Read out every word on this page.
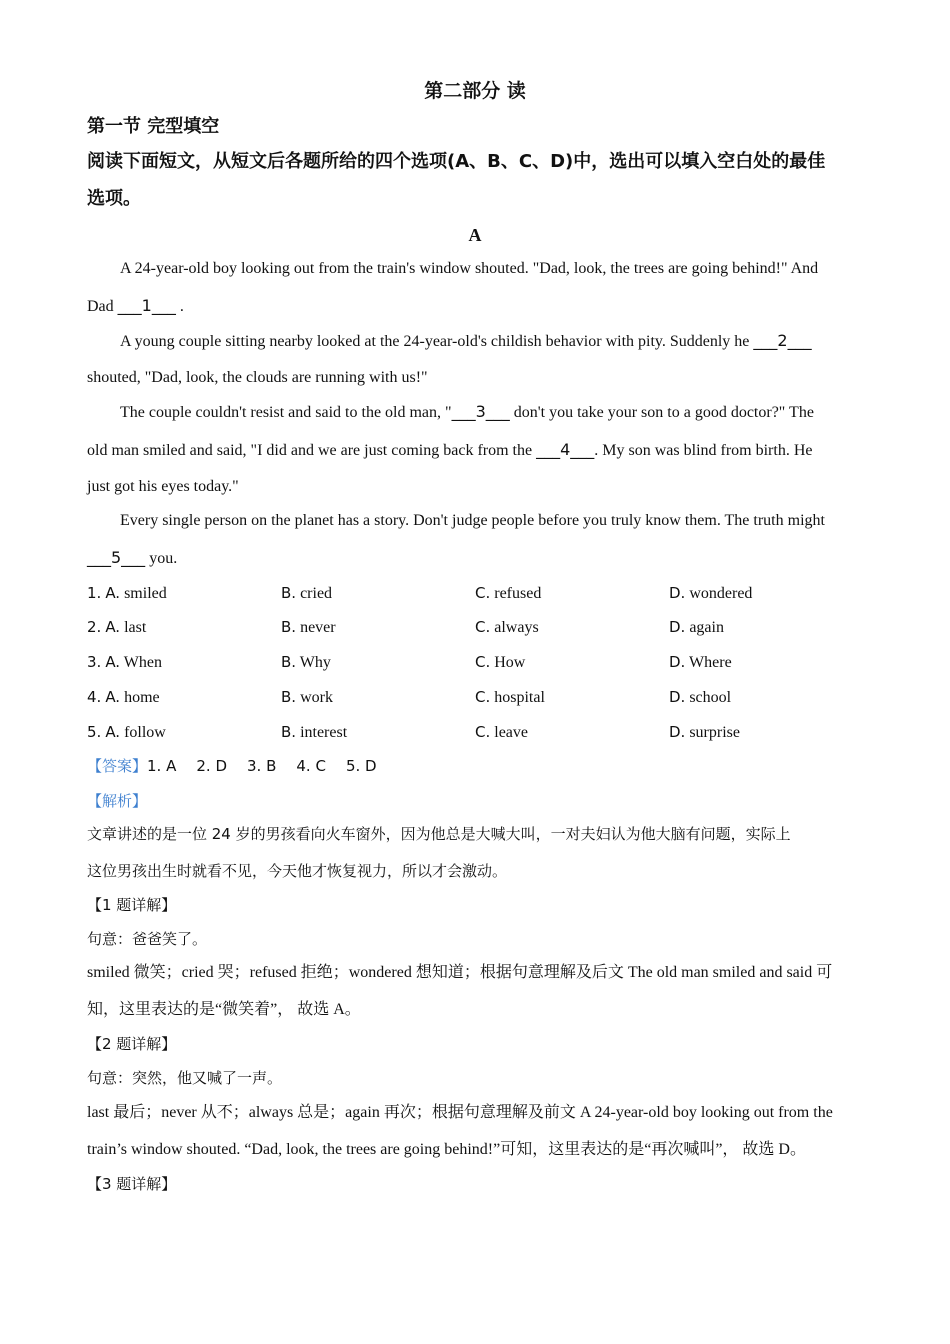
第二部分 读
第一节 完型填空
阅读下面短文，从短文后各题所给的四个选项(A、B、C、D)中，选出可以填入空白处的最佳
选项。
A
A 24-year-old boy looking out from the train's window shouted. "Dad, look, the trees are going behind!" And
Dad ___1___ .
A young couple sitting nearby looked at the 24-year-old's childish behavior with pity. Suddenly he ___2___
shouted, "Dad, look, the clouds are running with us!"
The couple couldn't resist and said to the old man, "___3___ don't you take your son to a good doctor?" The
old man smiled and said, "I did and we are just coming back from the ___4___. My son was blind from birth. He
just got his eyes today."
Every single person on the planet has a story. Don't judge people before you truly know them. The truth might
___5___ you.
1. A. smiled	B. cried	C. refused	D. wondered
2. A. last	B. never	C. always	D. again
3. A. When	B. Why	C. How	D. Where
4. A. home	B. work	C. hospital	D. school
5. A. follow	B. interest	C. leave	D. surprise
【答案】1. A 2. D 3. B 4. C 5. D
【解析】
文章讲述的是一位 24 岁的男孩看向火车窗外，因为他总是大喊大叫，一对夫妇认为他大脑有问题，实际上
这位男孩出生时就看不见，今天他才恢复视力，所以才会激动。
【1 题详解】
句意：爸爸笑了。
smiled 微笑；cried 哭；refused 拒绝；wondered 想知道；根据句意理解及后文 The old man smiled and said 可
知，这里表达的是“微笑着”， 故选 A。
【2 题详解】
句意：突然，他又喊了一声。
last 最后；never 从不；always 总是；again 再次；根据句意理解及前文 A 24-year-old boy looking out from the
train’s window shouted. “Dad, look, the trees are going behind!”可知，这里表达的是“再次喊叫”， 故选 D。
【3 题详解】
